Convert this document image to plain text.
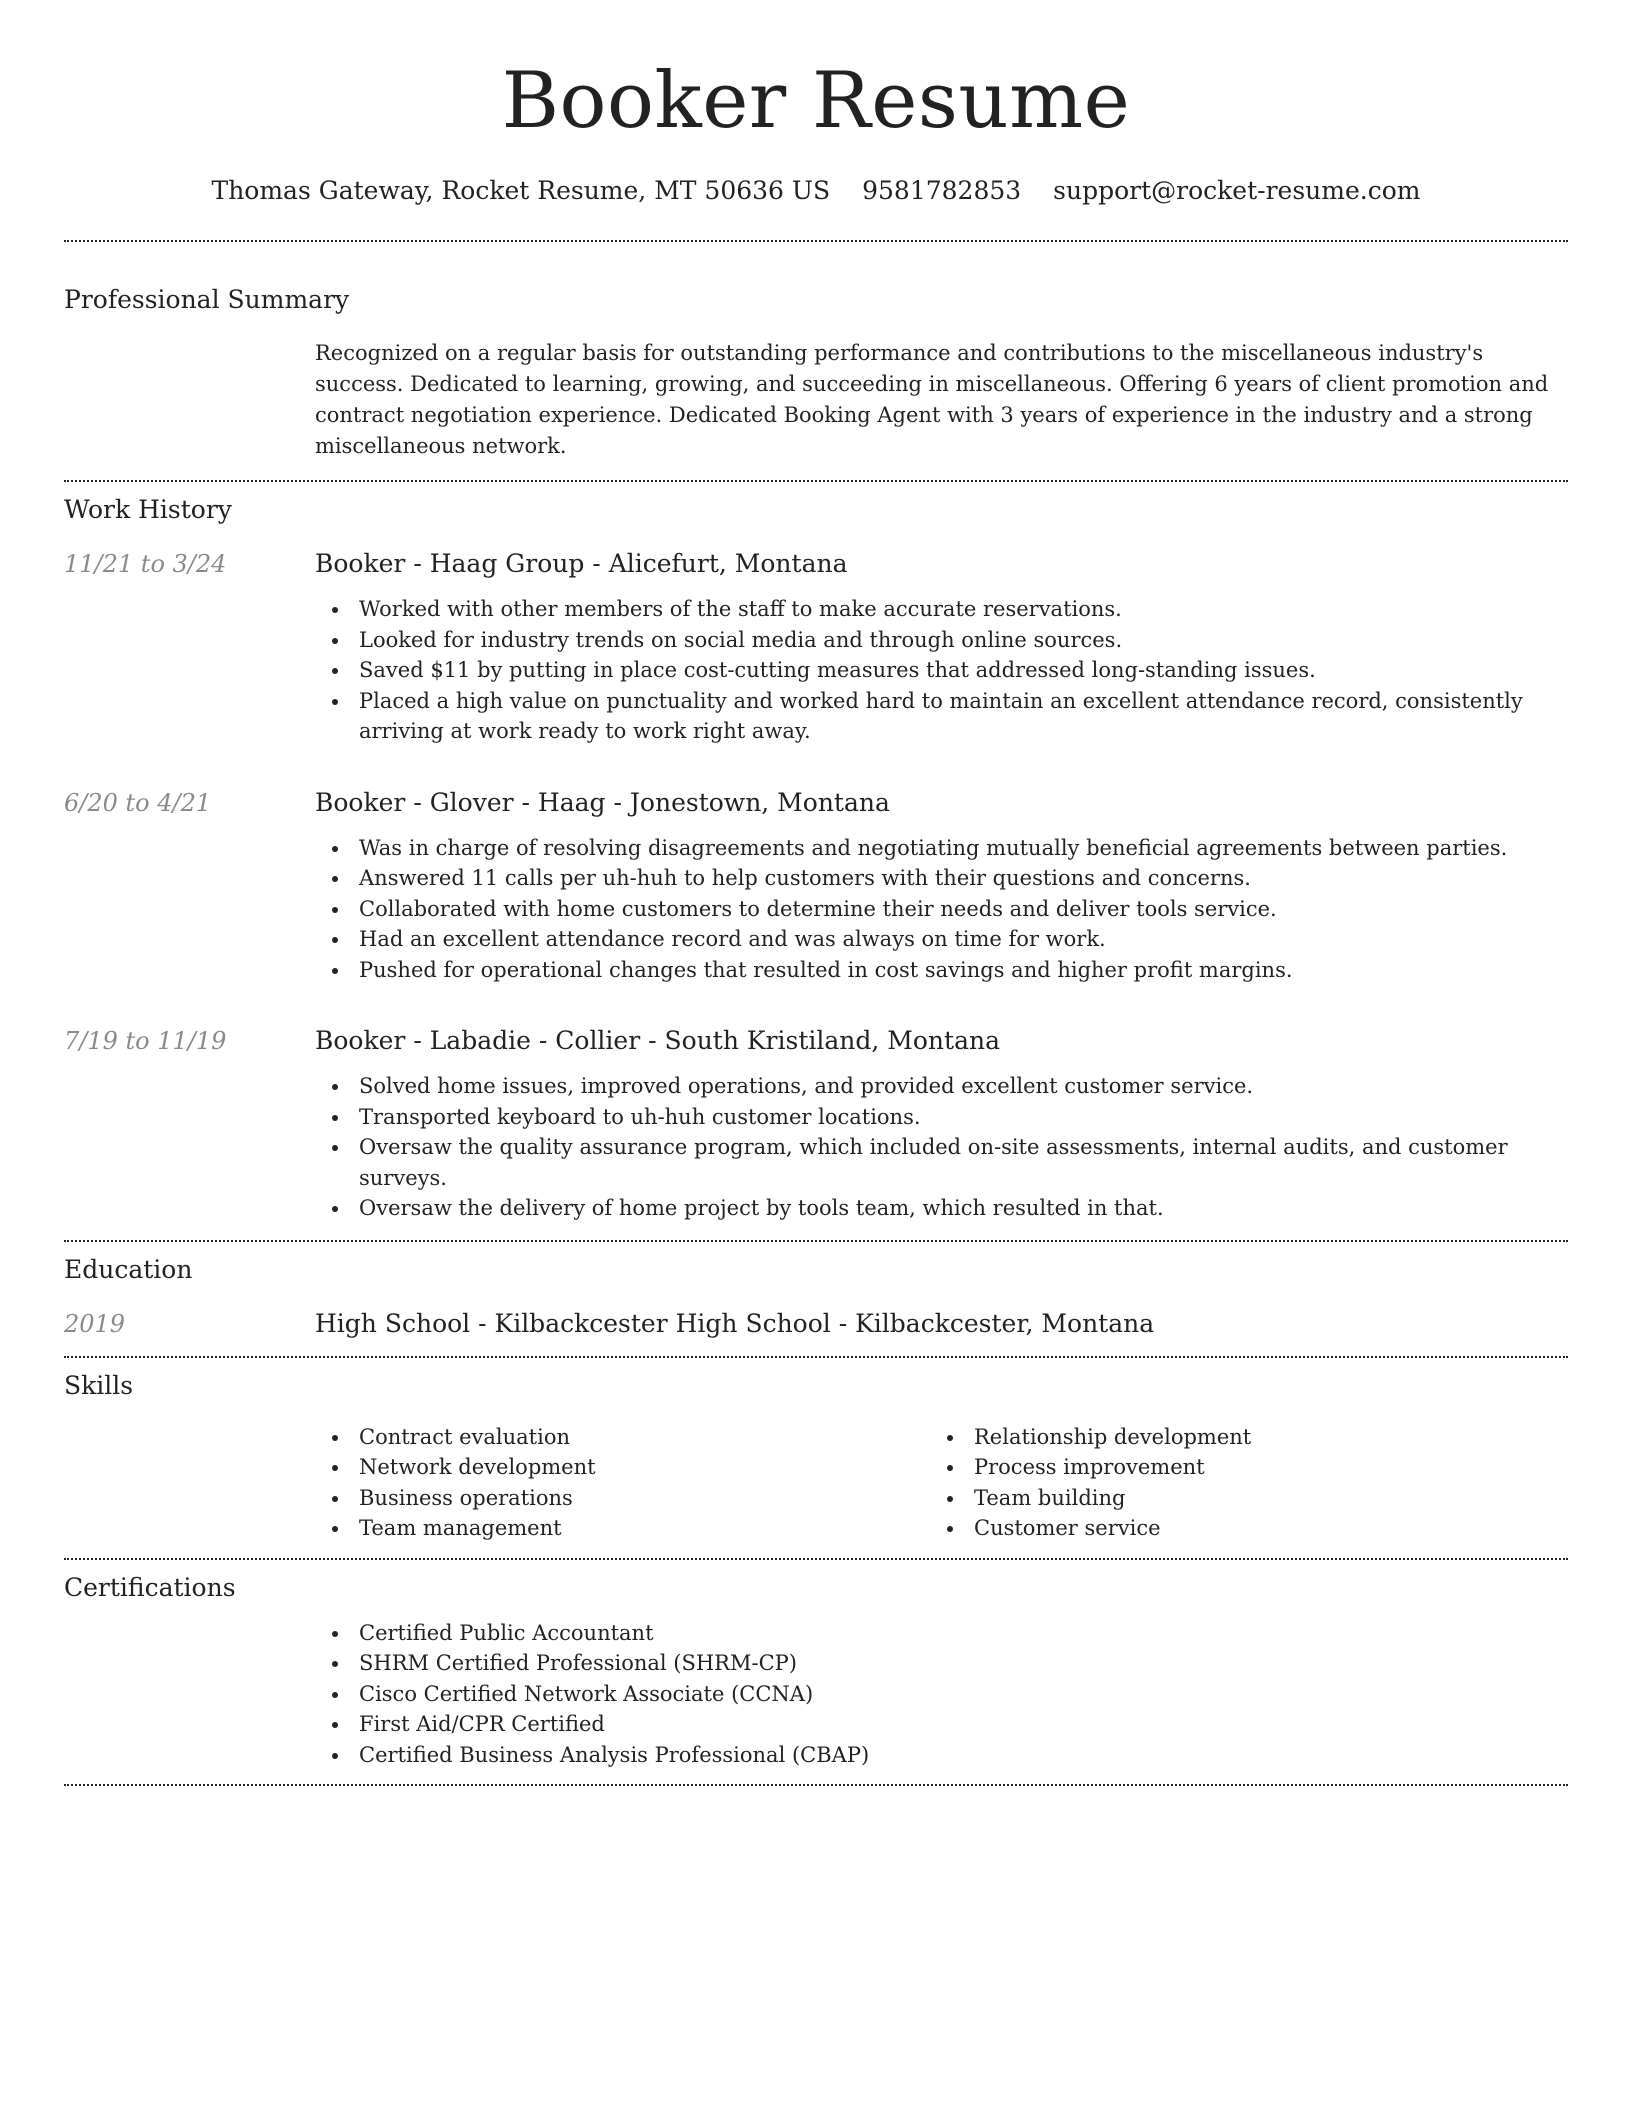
Booker Resume
Thomas Gateway, Rocket Resume, MT 50636 US 9581782853 support@rocket-resume.com
Professional Summary

Recognized on a regular basis for outstanding performance and contributions to the miscellaneous industry's success. Dedicated to learning, growing, and succeeding in miscellaneous. Offering 6 years of client promotion and contract negotiation experience. Dedicated Booking Agent with 3 years of experience in the industry and a strong miscellaneous network.

Work History
11/21 to 3/24	Booker - Haag Group - Alicefurt, Montana
Worked with other members of the staff to make accurate reservations.
Looked for industry trends on social media and through online sources.
Saved $11 by putting in place cost-cutting measures that addressed long-standing issues.
Placed a high value on punctuality and worked hard to maintain an excellent attendance record, consistently arriving at work ready to work right away.
6/20 to 4/21	Booker - Glover - Haag - Jonestown, Montana
Was in charge of resolving disagreements and negotiating mutually beneficial agreements between parties.
Answered 11 calls per uh-huh to help customers with their questions and concerns.
Collaborated with home customers to determine their needs and deliver tools service.
Had an excellent attendance record and was always on time for work.
Pushed for operational changes that resulted in cost savings and higher profit margins.
7/19 to 11/19	Booker - Labadie - Collier - South Kristiland, Montana
Solved home issues, improved operations, and provided excellent customer service.
Transported keyboard to uh-huh customer locations.
Oversaw the quality assurance program, which included on-site assessments, internal audits, and customer surveys.
Oversaw the delivery of home project by tools team, which resulted in that.
Education
2019	High School - Kilbackcester High School - Kilbackcester, Montana
Skills
Contract evaluation
Network development
Business operations
Team management
Relationship development
Process improvement
Team building
Customer service
Certifications
Certified Public Accountant
SHRM Certified Professional (SHRM-CP)
Cisco Certified Network Associate (CCNA)
First Aid/CPR Certified
Certified Business Analysis Professional (CBAP)
